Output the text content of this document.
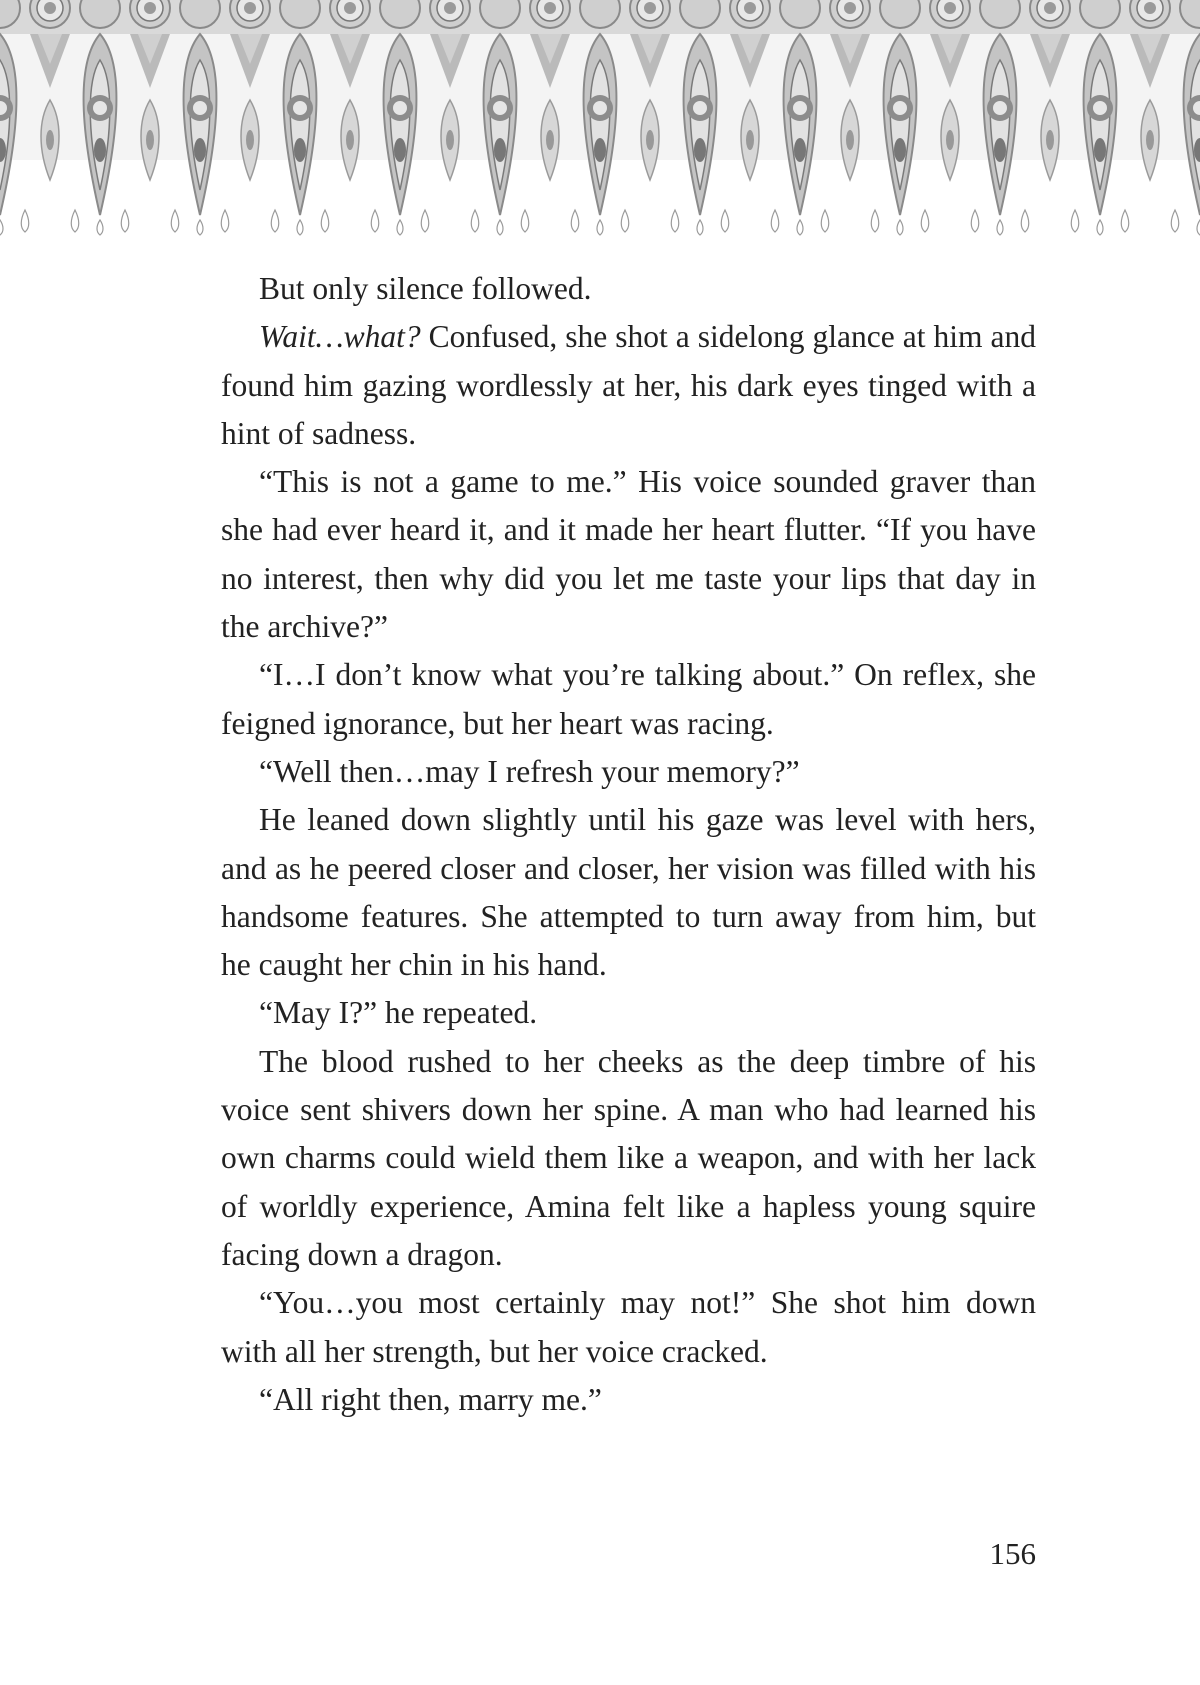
But only silence followed.

Wait…what? Confused, she shot a sidelong glance at him and found him gazing wordlessly at her, his dark eyes tinged with a hint of sadness.

“This is not a game to me.” His voice sounded graver than she had ever heard it, and it made her heart flutter. “If you have no interest, then why did you let me taste your lips that day in the archive?”

“I…I don’t know what you’re talking about.” On reflex, she feigned ignorance, but her heart was racing.

“Well then…may I refresh your memory?”

He leaned down slightly until his gaze was level with hers, and as he peered closer and closer, her vision was filled with his handsome features. She attempted to turn away from him, but he caught her chin in his hand.

“May I?” he repeated.

The blood rushed to her cheeks as the deep timbre of his voice sent shivers down her spine. A man who had learned his own charms could wield them like a weapon, and with her lack of worldly experience, Amina felt like a hapless young squire facing down a dragon.

“You…you most certainly may not!” She shot him down with all her strength, but her voice cracked.

“All right then, marry me.”

156
